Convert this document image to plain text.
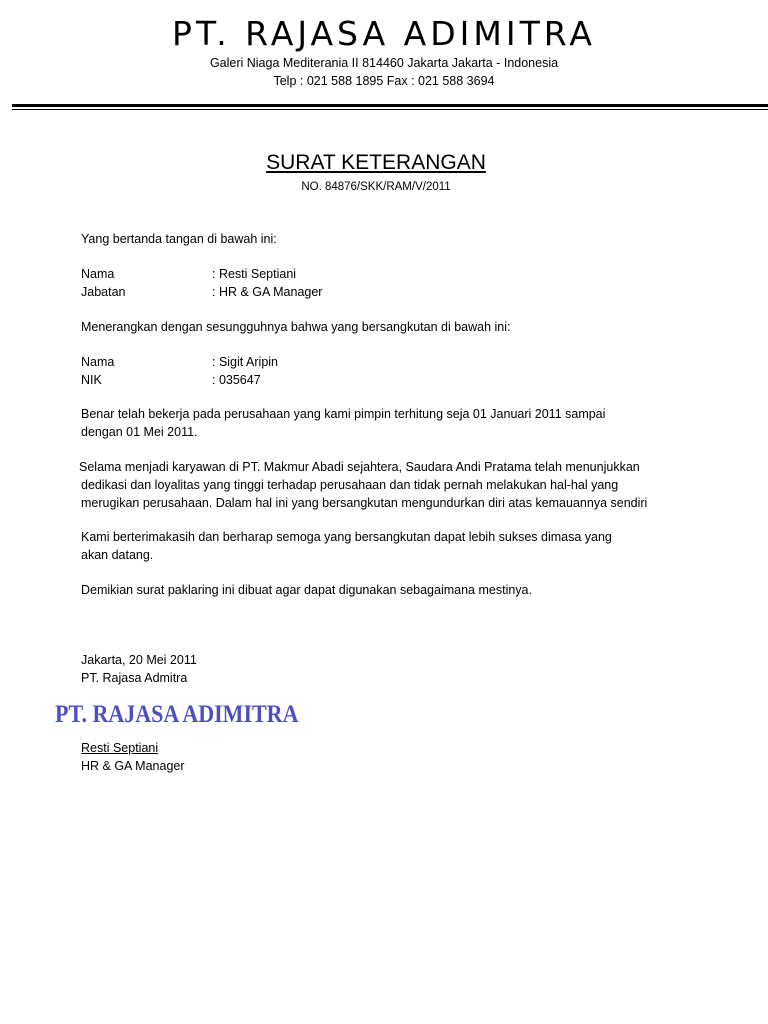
PT. RAJASA ADIMITRA
Galeri Niaga Mediterania II 814460 Jakarta Jakarta - Indonesia
Telp : 021 588 1895 Fax : 021 588 3694
SURAT KETERANGAN
NO. 84876/SKK/RAM/V/2011
Yang bertanda tangan di bawah ini:
Nama	: Resti Septiani
Jabatan	: HR & GA Manager
Menerangkan dengan sesungguhnya bahwa yang bersangkutan di bawah ini:
Nama	: Sigit Aripin
NIK	: 035647
Benar telah bekerja pada perusahaan yang kami pimpin terhitung seja 01 Januari 2011 sampai
dengan 01 Mei 2011.
Selama menjadi karyawan di PT. Makmur Abadi sejahtera, Saudara Andi Pratama telah menunjukkan
dedikasi dan loyalitas yang tinggi terhadap perusahaan dan tidak pernah melakukan hal-hal yang
merugikan perusahaan. Dalam hal ini yang bersangkutan mengundurkan diri atas kemauannya sendiri
Kami berterimakasih dan berharap semoga yang bersangkutan dapat lebih sukses dimasa yang
akan datang.
Demikian surat paklaring ini dibuat agar dapat digunakan sebagaimana mestinya.
Jakarta, 20 Mei 2011
PT. Rajasa Admitra
PT. RAJASA ADIMITRA
Resti Septiani
HR & GA Manager
